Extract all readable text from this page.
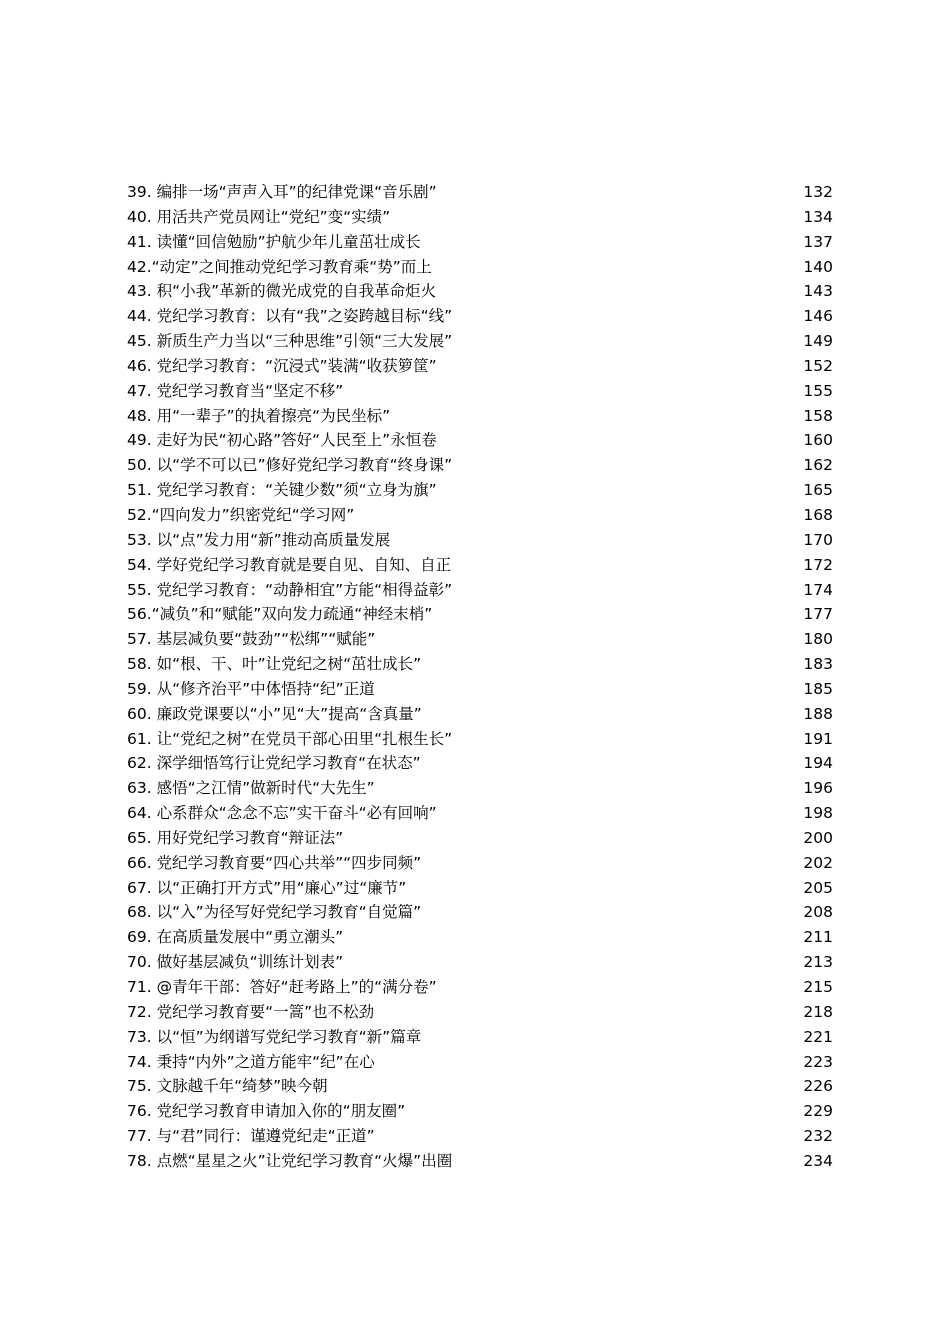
39. 编排一场“声声入耳”的纪律党课“音乐剧”	132
40. 用活共产党员网让“党纪”变“实绩”	134
41. 读懂“回信勉励”护航少年儿童茁壮成长	137
42.“动定”之间推动党纪学习教育乘“势”而上	140
43. 积“小我”革新的微光成党的自我革命炬火	143
44. 党纪学习教育：以有“我”之姿跨越目标“线”	146
45. 新质生产力当以“三种思维”引领“三大发展”	149
46. 党纪学习教育：“沉浸式”装满“收获箩筐”	152
47. 党纪学习教育当“坚定不移”	155
48. 用“一辈子”的执着擦亮“为民坐标”	158
49. 走好为民“初心路”答好“人民至上”永恒卷	160
50. 以“学不可以已”修好党纪学习教育“终身课”	162
51. 党纪学习教育：“关键少数”须“立身为旗”	165
52.“四向发力”织密党纪“学习网”	168
53. 以“点”发力用“新”推动高质量发展	170
54. 学好党纪学习教育就是要自见、自知、自正	172
55. 党纪学习教育：“动静相宜”方能“相得益彰”	174
56.“减负”和“赋能”双向发力疏通“神经末梢”	177
57. 基层减负要“鼓劲”“松绑”“赋能”	180
58. 如“根、干、叶”让党纪之树“茁壮成长”	183
59. 从“修齐治平”中体悟持“纪”正道	185
60. 廉政党课要以“小”见“大”提高“含真量”	188
61. 让“党纪之树”在党员干部心田里“扎根生长”	191
62. 深学细悟笃行让党纪学习教育“在状态”	194
63. 感悟“之江情”做新时代“大先生”	196
64. 心系群众“念念不忘”实干奋斗“必有回响”	198
65. 用好党纪学习教育“辩证法”	200
66. 党纪学习教育要“四心共举”“四步同频”	202
67. 以“正确打开方式”用“廉心”过“廉节”	205
68. 以“入”为径写好党纪学习教育“自觉篇”	208
69. 在高质量发展中“勇立潮头”	211
70. 做好基层减负“训练计划表”	213
71. @青年干部：答好“赶考路上”的“满分卷”	215
72. 党纪学习教育要“一篙”也不松劲	218
73. 以“恒”为纲谱写党纪学习教育“新”篇章	221
74. 秉持“内外”之道方能牢“纪”在心	223
75. 文脉越千年“绮梦”映今朝	226
76. 党纪学习教育申请加入你的“朋友圈”	229
77. 与“君”同行：谨遵党纪走“正道”	232
78. 点燃“星星之火”让党纪学习教育“火爆”出圈	234
